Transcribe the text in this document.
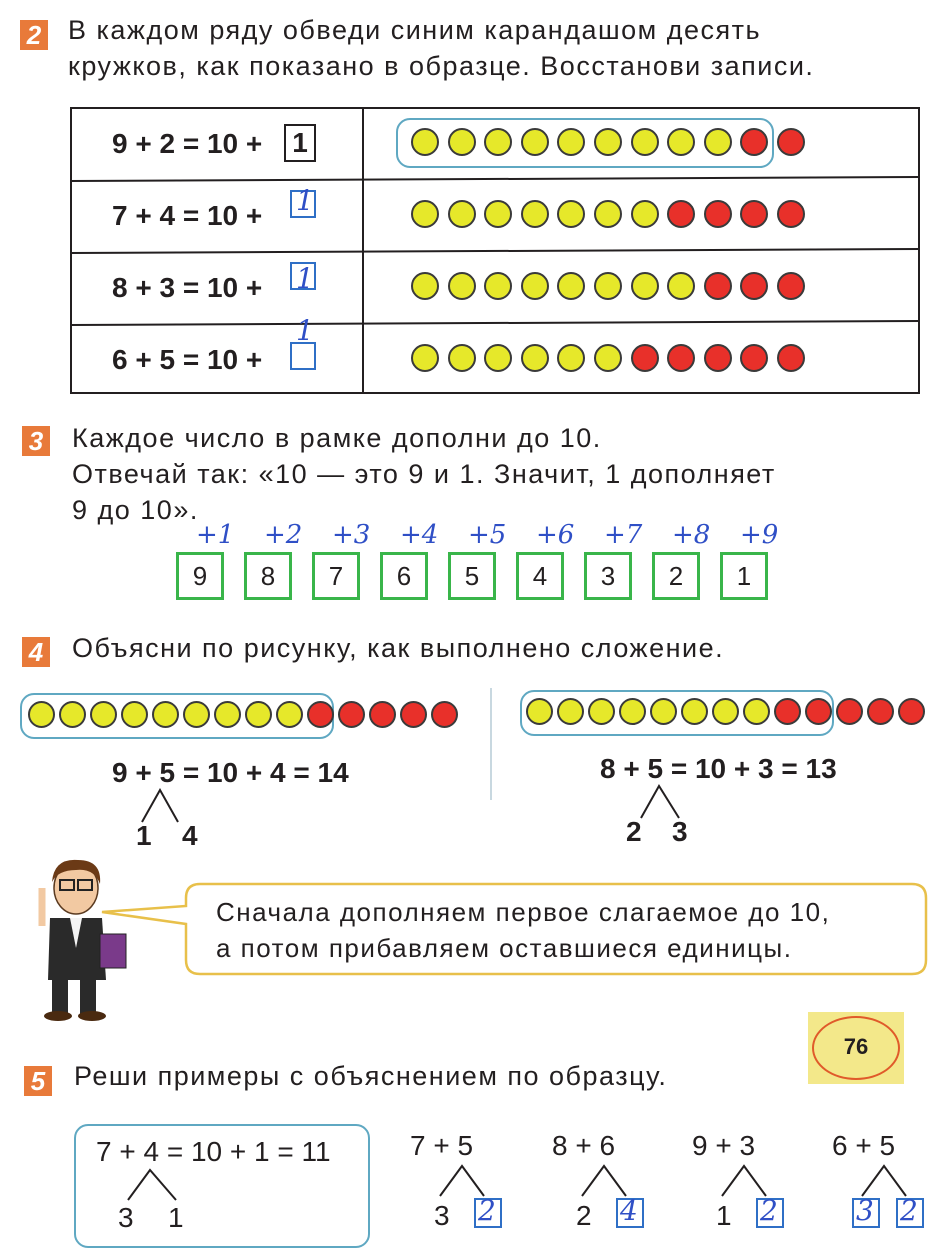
2 В каждом ряду обведи синим карандашом десять
кружков, как показано в образце. Восстанови записи.
9 + 2 = 10 + 1
7 + 4 = 10 + 1
8 + 3 = 10 + 1
6 + 5 = 10 +
1
3 Каждое число в рамке дополни до 10.
Отвечай так: «10 — это 9 и 1. Значит, 1 дополняет
9 до 10».
+1
9
+2
8
+3
7
+4
6
+5
5
+6
4
+7
3
+8
2
+9
1
4 Объясни по рисунку, как выполнено сложение.
9 + 5 = 10 + 4 = 14
1 4
8 + 5 = 10 + 3 = 13
2 3
Сначала дополняем первое слагаемое до 10,
а потом прибавляем оставшиеся единицы.
76
5 Реши примеры с объяснением по образцу.
7 + 4 = 10 + 1 = 11
3 1
7 + 5
3 2
8 + 6
2 4
9 + 3
1 2
6 + 5
3 2
